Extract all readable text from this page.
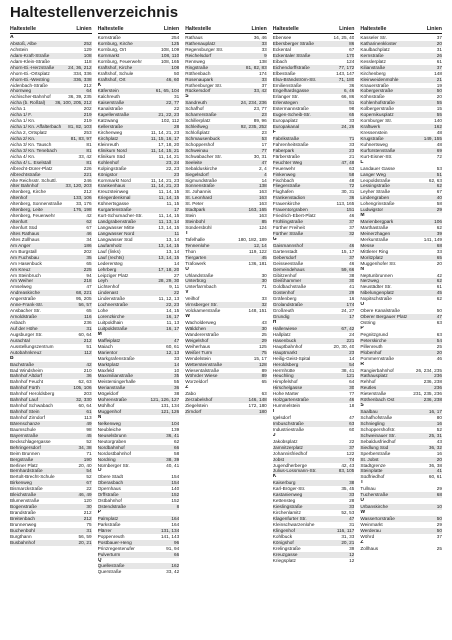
Haltestellenverzeichnis
Haltestelle	Linien
A
Abstoß, Albe	252
Achstein	129
Adam-Kraft-Straße	108
Adam-Klein-Straße	118
Ahorn-Ei.-Herzstraße	24, 36, 212
Ahorn-Ei.-Ortsplatz	334, 336
Ahorn-Ei.-Westring	336, 338
Aidenbach-Straße	212
Ahornweg	64
Aichischer-Bahnhof	36, 39, 235
Aicha (b. Roßtal)	36, 100, 205, 212
Aicha 1	202
Aicha 1/ F.	219
Aicha 1/ Kn.	219
Aicha 1/ Kn. Affalterbach	81, 82, 103
Aicha 2, Ortsplatz	253
Aicha 2/ Kn.	81, 83, 97
Aicha 3/ Kn. Tausch	81
Aicha 3/ Kn. Tenebach	81
Aicha 4/ Kn.	33, 42
Aicha 4/ L. Eselstall	81
Albrecht-Dürer-Platz	226
Albrechtstraße	221
Alte Reichsstr. Schuttl.	246
Alter Bahnhof	33, 120, 203
Altenberg, Kirche	212
Altenhof	133, 106
Altenberg, Sonnenstraße	33, 176
Altenberg, Leite	176, 198
Altenberg, Feuerwehr	42
Altenfurt	62
Altenfurt Süd	67
Altes Rathaus	46
Altes Zollhaus	34
Am Anger	186
Am Burgstall	202
Am Fuchsbau	35
Am Hasenbuck	65
Am Kreuz	225
Am Steinbruch	94
Am Weiher	218
Amselweg	47
Andreaskirche	68, 221
Angerstraße	95, 205
Anne-Frank-Str.	56, 57
Ansbacher Str.	65
Arnoldstraße	116
Asbach	236
Auf der Höhe	31
Augsburger Str.	60, 64
Aurachtal	212
Ausstellungszentrum	51
Autobahnkreuz	112
B
Bachstraße	42
Bad Windsheim	210
Bahnhof Altdorf	36
Bahnhof Feucht	62, 63
Bahnhof Fürth	105, 106
Bahnhof Heroldsberg	203
Bahnhof Lauf	32, 330
Bahnhof Schwabach	60, 64
Bahnhof Stein	61
Bahnhof Zirndorf	113
Bärenschanze	49
Baumschule	98
Bayernstraße	45
Beckschlagergasse	52
Behringersdorf	34, 38
Beim Brunnen	71
Bergstraße	190
Berliner Platz	20, 40
Bernhardstraße	54
Bertolt-Brecht-Schule	52
Birkenweg	67
Bismarckstraße	22
Bleichstraße	46, 49
Blumenstraße	120
Bogenstraße	30
Brandstraße	212
Breitenbach	212
Brunnenweg	75
Buchenbühl	31
Burgthann	56, 59
Busbahnhof	20, 21
Haltestelle	Linien
Kornstraße	254
Kornburg, Kirche	125
Kornburg, Ort	108, 109
Kornmarkt	108, 110
Kornburg, Feuerwehr	108, 165
Kraftshof, Kirche	108
Kraftshof, Schule	50
Kraftshof, Ort	46, 60
K
Käferstein	61, 65, 104
Kalchreuth	31
Kaiserstraße	22, 77
Kanalstraße	22
Kapellenstraße	21, 22, 23
Katzwang	102, 112
Kellerstraße	28
Kirchenweg	11, 14, 21, 23
Kirchplatz	11, 15, 16, 17
Kleinreuth	17, 18, 20
Klinikum Nord	11, 14, 15, 21
Klinikum Süd	11, 14, 21
Kohlenhof	23, 24
Kolpingstraße	22, 23
Königstor	23
Kornmarkt Nord	11, 14, 21, 23
Krankenhaus	11, 14, 21, 23
Kreuzsteinweg	11, 14, 15
Kriegerdenkmal	11, 14, 15
Kühnertsgasse	11, 15
Kurgartenstraße	17
Kurt-Schumacher-Str.	11, 14, 15
Landgrabenstraße	11, 13, 14
Langwasser Mitte	13, 14, 15
Langwasser Nord	11
Langwasser Süd	13, 14
Laufamholz	13, 14, 15
Lauf (links)	13, 14
Lauf (rechts)	13, 14, 15
Lederersteg	14
Lehrberg	17, 18, 20
Leipziger Platz	27
Leyh	28, 29, 30
Lichtenhof	9, 11
Lindenast	22
Lindenstraße	11, 12, 13
Lochnerstraße	22, 23
Lohe	14, 15
Lorenzkirche	16, 17
Luitpoldhain	11, 13
Luitpoldstraße	16, 17
M
Maffeiplatz	47
Maiach	60, 61
Marientor	12, 13
Markgrafenstraße	33
Marktplatz	14
Maxfeld	10
Maximilianstraße	35
Meistersingerhalle	55
Merianstraße	36
Mögeldorf	38
Mohrenstraße	121, 126, 127
Mühlhof	131, 134
Muggenhof	121, 126
N
Nelkenweg	104
Neubleiche	139
Neuselsbrunn	36, 41
Neutorgraben	62
Nordbahnhof	66
Nordostbahnhof	58
Nordring	38, 39
Nürnberger Str.	40, 41
O
Obere Stadt	154
Oberasbach	154
Opernhaus	140
Orffstraße	152
Ostbahnhof	152
Ostendstraße	8
P
Palmplatz	164
Parkstraße	164
Plärrer	131, 134
Poppenreuth	141, 143
Postbauer-Heng	96
Prinzregentenufer	91, 94
Pulverturm	66
Q
Quellestraße	162
Querstraße	33, 42
Haltestelle	Linien
Rathaus	36, 46
Rathenauplatz	33
Regensburger Str.	33
Reichelsdorf	9
Rennweg	138
Ringstraße	81, 82, 83
Röthenbach	174
Rosenaupark	33
Rothenburger Str.	37
Rückersdorf	33, 42
S
Sandreuth	24, 234, 236
Schafhof	23, 77
Scharrerstraße	23
Schillerplatz	89, 96
Schleifweg	92, 235, 252
Schloßplatz	23
Schmausenbuck	53
Schoppershof	17
Schweinau	77
Schwabacher Str.	30, 31
Seeleite	47
Sebalduskirche	2, 4
Siegelsdorf	4
Sigmundstraße	14
Sonnenstraße	138
St. Johannis	163
St. Leonhard	163
St. Peter	163
Stadtpark	163, 165
Stein	163
Steinbühl	85
Sündersbühl	124
T
Tafelhalle	180, 182, 189
Tennenlohe	12, 14
Thon	119, 122
Tiergarten	45
Trafowerk	136, 181
U
Uhlandstraße	30
Unterbürg	30
Unterfarrnbach	71
V
Veilhof	33
Virnsberger Str.	32
Volckamerstraße	148, 151
W
Wacholderweg	43
Wäldchen	30
Wandererstraße	25
Weigelshof	29
Weiherhaus	125
Weißer Turm	75
Wendelstein	15, 17
Wettersteinstraße	128
Wiesentalstraße	89
Wöhrder Wiese	89
Worzeldorf	65
Z
Zabo	63
Zerzabelshof	146, 148
Ziegelstein	172, 180
Zirndorf	180
Haltestelle	Linien
Ebensee	14, 25, 40
Ebersberger Straße	86
Eckental	67
Eckentaler Straße	170
Eibach	124
Eichendorffstraße	77, 172
Elbestraße	143, 147
Elsa-Brändström-Str.	71, 180
Emilienstraße	36
Engelhardsgasse	6, 46
Erlanger Str.	66, 86
Erlenstegen	51
Estermannstraße	98
Eugen-Scheib-Str.	65
Europaplatz	33
Europakanal	24, 26
F
Fabrikstraße	71
Fahrenheitstraße	33
Faberpark	23
Färberstraße	21
Feuchter Weg	47, 48
Feuerwehr	63
Finkenweg	58
Fischbach	48
Fliegerstraße	72
Flughafen	30, 31
Frankenstadion	36
Frauenkirche	113, 165
Frauentorgraben	151
Friedrich-Ebert-Platz	46
Frühlingstraße	37
Fürther Freiheit	37
Fürther Straße	32
G
Gaismannshof	46
Gartenstadt	15, 17
Gebersdorf	37
Geisseestraße	46
Gemeindehaus	59, 66
Gibitzenhof	38
Gleißhammer	30
Goldbachstraße	41
Gostenhof	29
Gräfenberg	16
Grolandstraße	174
Großreuth	24, 27
Grundig	17
H
Hallerwiese	67, 42
Hallplatz	24
Hasenbuck	221
Hauptbahnhof	20, 30, 40
Hauptmarkt	23
Heilig-Geist-Spital	14
Heroldsberg	54
Herrnhütte	38, 41
Heuchling	121
Himpfelshof	64
Hirschelgasse	30
Hohe Marter	77
Holzgartenstraße	46
Hummelstein	18
I
Igelsdorf	47
Imbuschstraße	63
Industriestraße	60
J
Jakobsplatz	22
Jamnitzerplatz	37
Johannisfriedhof	122
Jobst	74
Jugendherberge	42, 43
Julius-Lossmann-Str.	83, 105
K
Kaiserburg	38
Karl-Bröger-Str.	35, 45
Kastanienweg	33
Kettensteg	28
Kieslingstraße	33
Kirchenlamitz	52, 53
Klagenfurter Str.	47
Kleinschwarzenlohe	31
Klingenhof	116, 117
Kohlbuck	31, 33
Königshof	20, 21
Krelingstraße	39
Kreuzgasse	12
Kriegsplatz	12
Haltestelle	Linien
Kasseler Str.	37
Katharinenkloster	20
Kaulbachplatz	31
Kernstraße	26
Kesslerplatz	61
Kilianstraße	37
Kirchenberg	148
Kleinweidenmühle	21
Knauerstraße	19
Kobergerstraße	50
Köhnstraße	20
Kohlenhofstraße	55
Kolbergerstraße	15
Kopernikusplatz	55
Kornburger Str.	140
Kraftwerk	162
Kressenstein	48
Krugstraße	149, 155
Kuhnertsweg	48
Kurfürstenstraße	69
Kurt-Eisner-Str.	72
L
Landauer Gasse	53
Langer Weg	51
Leopoldstraße	62, 63
Lessingstraße	62
Leyher Straße	67
Lindengraben	40
Lohengrinstraße	58
Ludwigstor	29
M
Marienbergpark	106
Marthastraße	62
Meinerzhagen	39
Merkurstraße	141, 149
Messe	68
Mittlerer Ring	33
Moritzplatz	65
Muggenhofer Str.	20
N
Neptunbrunnen	42
Nerzweg	62
Neustädter Str.	61
Nibelungenplatz	45
Nopitschstraße	62
O
Obere Kanalstraße	50
Oberer Bergauer Platz	47
Ostring	63
P
Pegnitzgrund	63
Peterskirche	54
Pillenreuth	25
Plobenhof	20
Pommernstraße	46
R
Rangierbahnhof	26, 234, 235
Rathausplatz	236
Rehhof	236, 238
Reutles	236
Rieterstraße	231, 235, 236
Röthenbach Ost	236, 238
S
Saalbau	16, 17
Schafhofstraße	80
Schniegling	16
Schoppershofstr.	52
Schweinauer Str.	25, 31
Sebaldusfriedhof	43
Siedlung Süd	36, 32
Sperberstraße	16
St. Jobst	20
Stadtgrenze	36, 38
Steinplatte	41
Südfriedhof	60, 61
T
Tullnau	29
Tucherstraße	68
U
Urbanskirche	10
W
Wassertorstraße	50
Weinmarkt	29
Werderau	50
Wöhrd	37
Z
Zollhaus	25
